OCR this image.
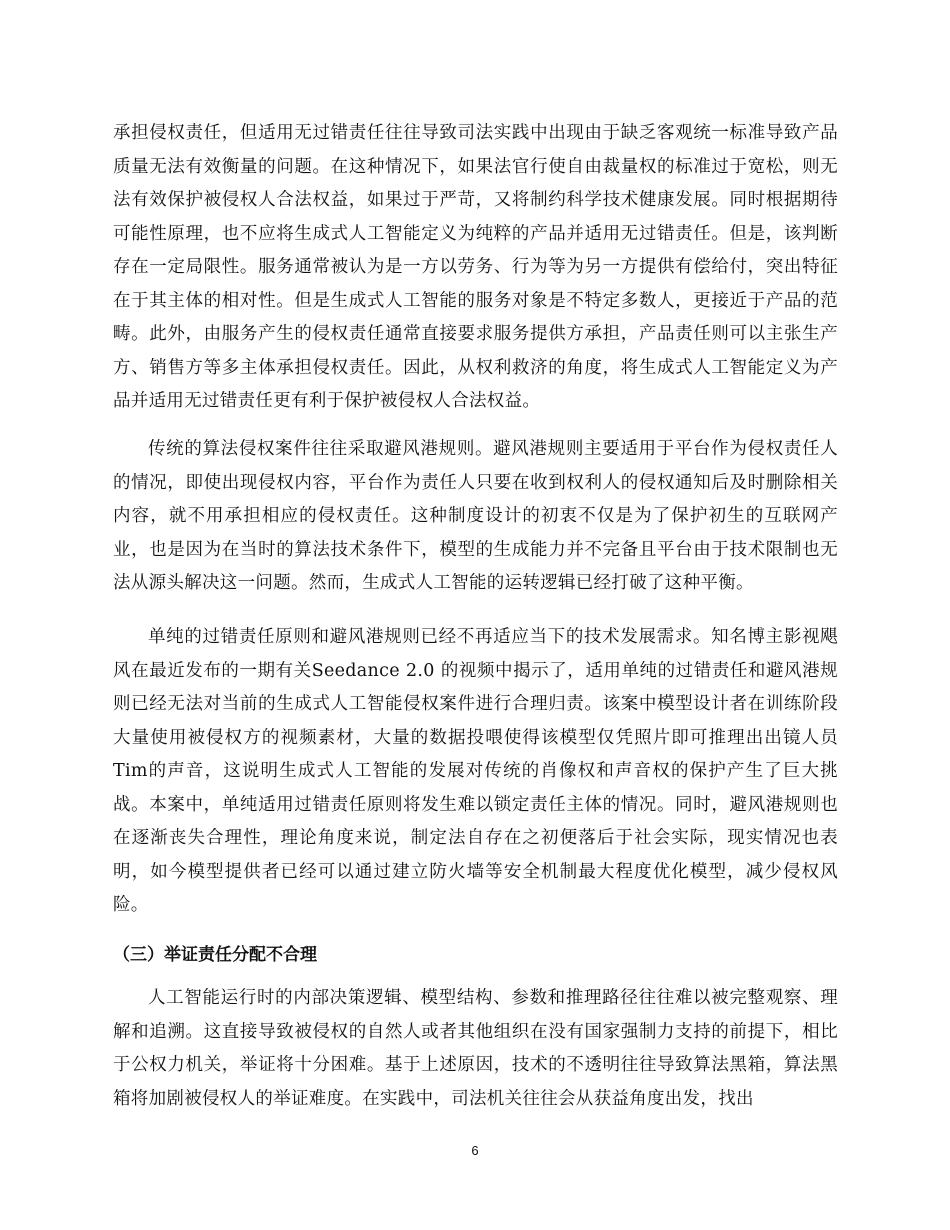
承担侵权责任，但适用无过错责任往往导致司法实践中出现由于缺乏客观统一标准导致产品质量无法有效衡量的问题。在这种情况下，如果法官行使自由裁量权的标准过于宽松，则无法有效保护被侵权人合法权益，如果过于严苛，又将制约科学技术健康发展。同时根据期待可能性原理，也不应将生成式人工智能定义为纯粹的产品并适用无过错责任。但是，该判断存在一定局限性。服务通常被认为是一方以劳务、行为等为另一方提供有偿给付，突出特征在于其主体的相对性。但是生成式人工智能的服务对象是不特定多数人，更接近于产品的范畴。此外，由服务产生的侵权责任通常直接要求服务提供方承担，产品责任则可以主张生产方、销售方等多主体承担侵权责任。因此，从权利救济的角度，将生成式人工智能定义为产品并适用无过错责任更有利于保护被侵权人合法权益。

传统的算法侵权案件往往采取避风港规则。避风港规则主要适用于平台作为侵权责任人的情况，即使出现侵权内容，平台作为责任人只要在收到权利人的侵权通知后及时删除相关内容，就不用承担相应的侵权责任。这种制度设计的初衷不仅是为了保护初生的互联网产业，也是因为在当时的算法技术条件下，模型的生成能力并不完备且平台由于技术限制也无法从源头解决这一问题。然而，生成式人工智能的运转逻辑已经打破了这种平衡。

单纯的过错责任原则和避风港规则已经不再适应当下的技术发展需求。知名博主影视飓风在最近发布的一期有关Seedance 2.0 的视频中揭示了，适用单纯的过错责任和避风港规则已经无法对当前的生成式人工智能侵权案件进行合理归责。该案中模型设计者在训练阶段大量使用被侵权方的视频素材，大量的数据投喂使得该模型仅凭照片即可推理出出镜人员Tim的声音，这说明生成式人工智能的发展对传统的肖像权和声音权的保护产生了巨大挑战。本案中，单纯适用过错责任原则将发生难以锁定责任主体的情况。同时，避风港规则也在逐渐丧失合理性，理论角度来说，制定法自存在之初便落后于社会实际，现实情况也表明，如今模型提供者已经可以通过建立防火墙等安全机制最大程度优化模型，减少侵权风险。

（三）举证责任分配不合理

人工智能运行时的内部决策逻辑、模型结构、参数和推理路径往往难以被完整观察、理解和追溯。这直接导致被侵权的自然人或者其他组织在没有国家强制力支持的前提下，相比于公权力机关，举证将十分困难。基于上述原因，技术的不透明往往导致算法黑箱，算法黑箱将加剧被侵权人的举证难度。在实践中，司法机关往往会从获益角度出发，找出

6
